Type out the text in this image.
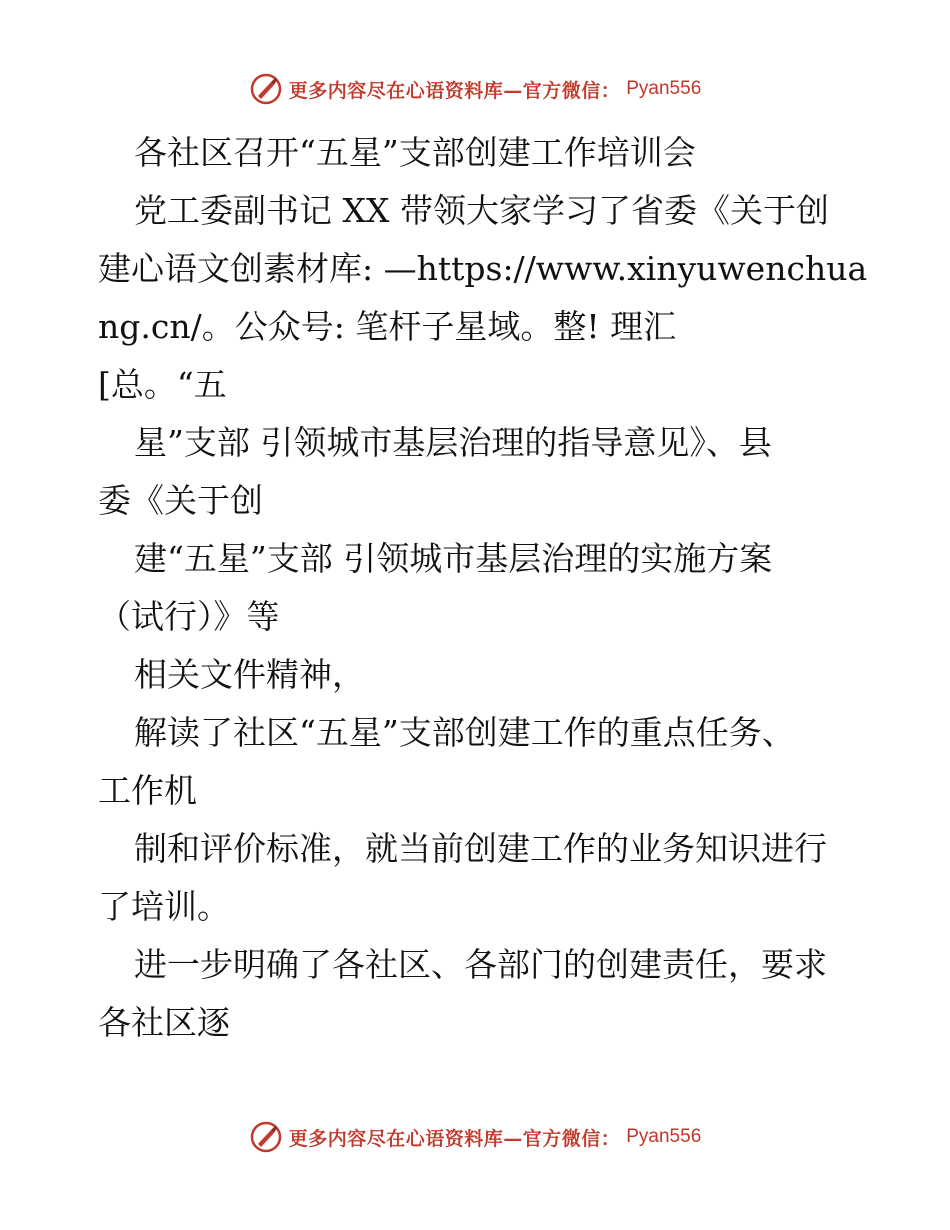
更多内容尽在心语资料库—官方微信： Pyan556
各社区召开“五星”支部创建工作培训会
党工委副书记 XX 带领大家学习了省委《关于创
建心语文创素材库: —https://www.xinyuwenchua
ng.cn/。公众号: 笔杆子星域。整! 理汇
[总。“五
星”支部 引领城市基层治理的指导意见》、县
委《关于创
建“五星”支部 引领城市基层治理的实施方案
（试行）》等
相关文件精神，
解读了社区“五星”支部创建工作的重点任务、
工作机
制和评价标准，就当前创建工作的业务知识进行
了培训。
进一步明确了各社区、各部门的创建责任，要求
各社区逐
更多内容尽在心语资料库—官方微信： Pyan556
